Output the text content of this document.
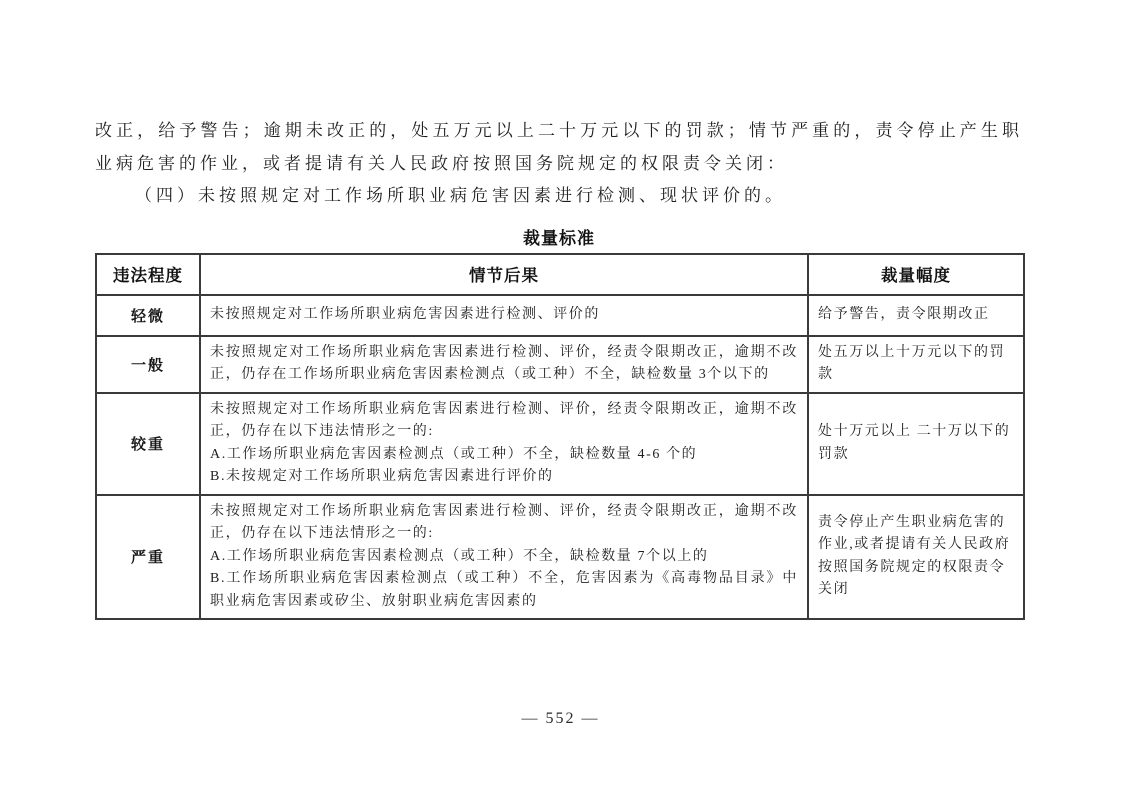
改正，给予警告；逾期未改正的，处五万元以上二十万元以下的罚款；情节严重的，责令停止产生职业病危害的作业，或者提请有关人民政府按照国务院规定的权限责令关闭：

（四）未按照规定对工作场所职业病危害因素进行检测、现状评价的。

裁量标准
违法程度	情节后果	裁量幅度
轻微	未按照规定对工作场所职业病危害因素进行检测、评价的	给予警告，责令限期改正

一般	未按照规定对工作场所职业病危害因素进行检测、评价，经责令限期改正，逾期不改正，仍存在工作场所职业病危害因素检测点（或工种）不全，缺检数量 3个以下的	处五万以上十万元以下的罚款

较重	未按照规定对工作场所职业病危害因素进行检测、评价，经责令限期改正，逾期不改正，仍存在以下违法情形之一的:
A.工作场所职业病危害因素检测点（或工种）不全，缺检数量 4-6 个的
B.未按规定对工作场所职业病危害因素进行评价的	处十万元以上 二十万以下的罚款

严重	未按照规定对工作场所职业病危害因素进行检测、评价，经责令限期改正，逾期不改正，仍存在以下违法情形之一的:
A.工作场所职业病危害因素检测点（或工种）不全，缺检数量 7个以上的
B.工作场所职业病危害因素检测点（或工种）不全，危害因素为《高毒物品目录》中职业病危害因素或矽尘、放射职业病危害因素的	责令停止产生职业病危害的作业,或者提请有关人民政府按照国务院规定的权限责令关闭
— 552 —
